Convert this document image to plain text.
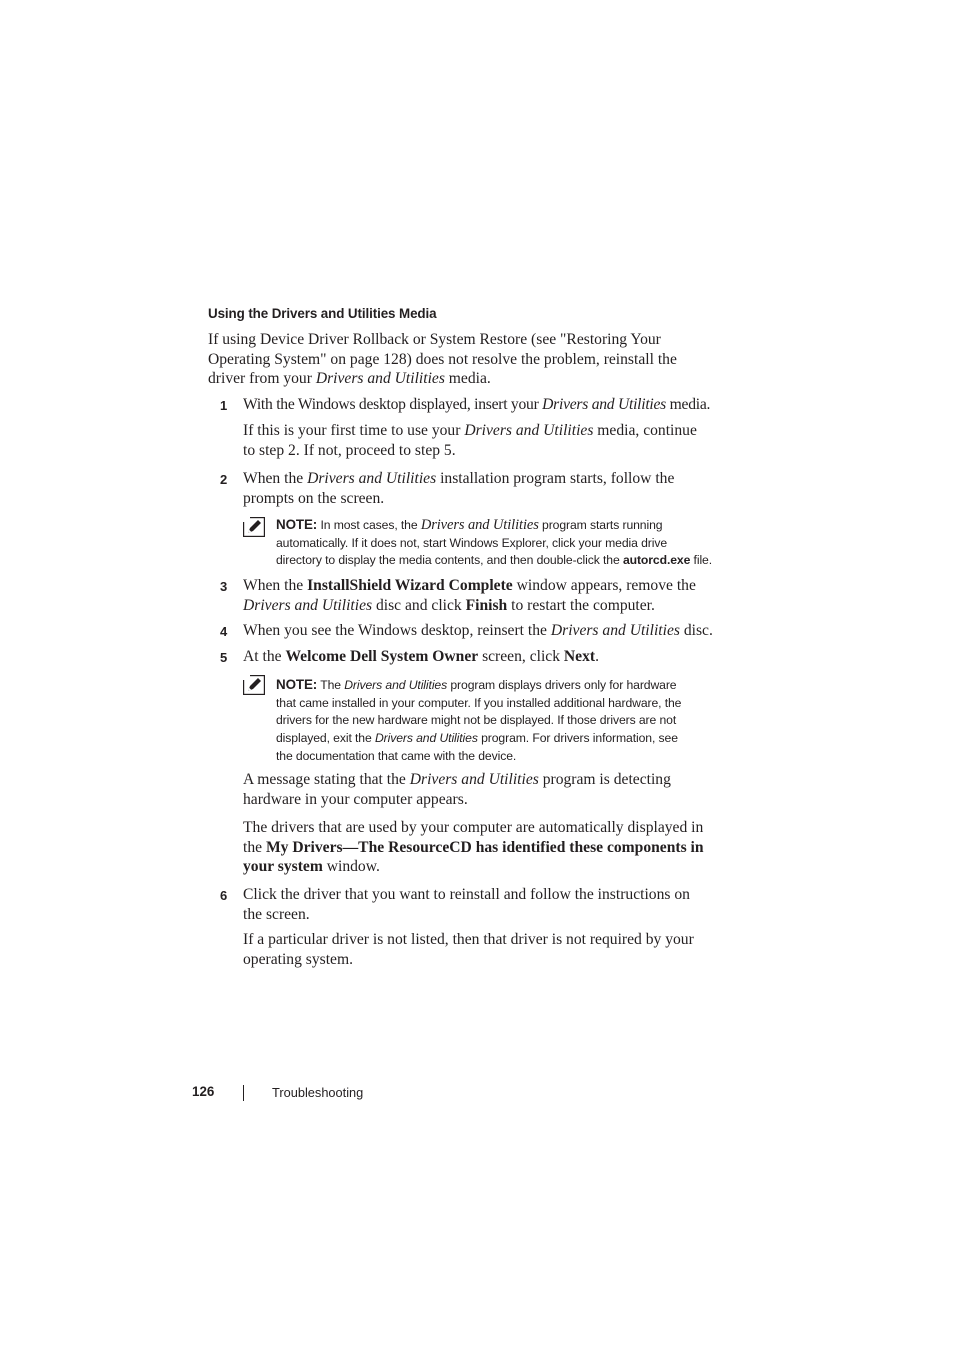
Using the Drivers and Utilities Media
If using Device Driver Rollback or System Restore (see "Restoring Your
Operating System" on page 128) does not resolve the problem, reinstall the
driver from your Drivers and Utilities media.
1 With the Windows desktop displayed, insert your Drivers and Utilities media.
If this is your first time to use your Drivers and Utilities media, continue
to step 2. If not, proceed to step 5.
2 When the Drivers and Utilities installation program starts, follow the
prompts on the screen.
NOTE: In most cases, the Drivers and Utilities program starts running
automatically. If it does not, start Windows Explorer, click your media drive
directory to display the media contents, and then double-click the autorcd.exe file.
3 When the InstallShield Wizard Complete window appears, remove the
Drivers and Utilities disc and click Finish to restart the computer.
4 When you see the Windows desktop, reinsert the Drivers and Utilities disc.
5 At the Welcome Dell System Owner screen, click Next.
NOTE: The Drivers and Utilities program displays drivers only for hardware
that came installed in your computer. If you installed additional hardware, the
drivers for the new hardware might not be displayed. If those drivers are not
displayed, exit the Drivers and Utilities program. For drivers information, see
the documentation that came with the device.
A message stating that the Drivers and Utilities program is detecting
hardware in your computer appears.
The drivers that are used by your computer are automatically displayed in
the My Drivers—The ResourceCD has identified these components in
your system window.
6 Click the driver that you want to reinstall and follow the instructions on
the screen.
If a particular driver is not listed, then that driver is not required by your
operating system.
126	Troubleshooting
